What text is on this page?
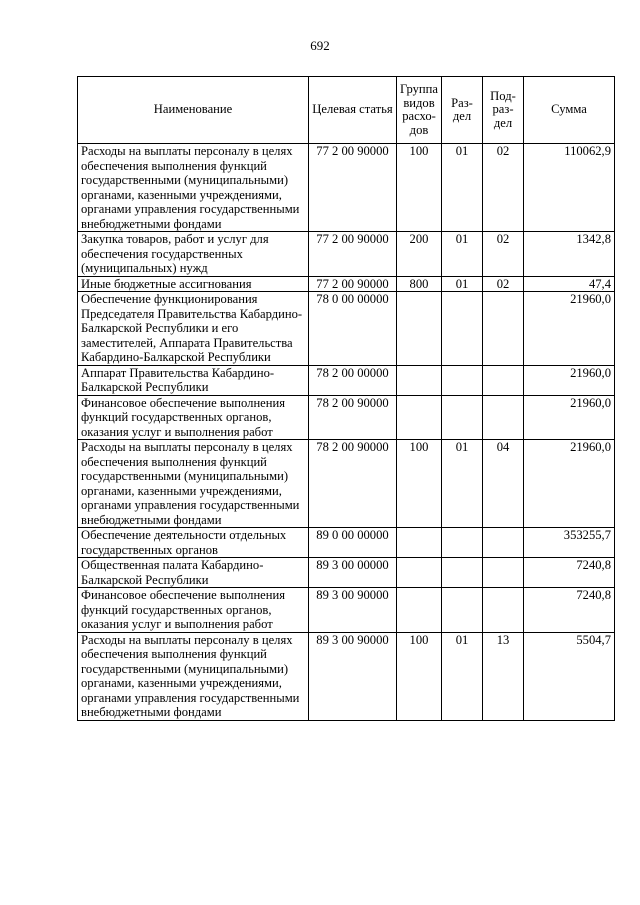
692
Наименование	Целевая статья	Группа видов расхо-дов	Раз-дел	Под-раз-дел	Сумма
Расходы на выплаты персоналу в целях обеспечения выполнения функций государственными (муниципальными) органами, казенными учреждениями, органами управления государственными внебюджетными фондами	77 2 00 90000	100	01	02	110062,9
Закупка товаров, работ и услуг для обеспечения государственных (муниципальных) нужд	77 2 00 90000	200	01	02	1342,8
Иные бюджетные ассигнования	77 2 00 90000	800	01	02	47,4
Обеспечение функционирования Председателя Правительства Кабардино-Балкарской Республики и его заместителей, Аппарата Правительства Кабардино-Балкарской Республики	78 0 00 00000				21960,0
Аппарат Правительства Кабардино-Балкарской Республики	78 2 00 00000				21960,0
Финансовое обеспечение выполнения функций государственных органов, оказания услуг и выполнения работ	78 2 00 90000				21960,0
Расходы на выплаты персоналу в целях обеспечения выполнения функций государственными (муниципальными) органами, казенными учреждениями, органами управления государственными внебюджетными фондами	78 2 00 90000	100	01	04	21960,0
Обеспечение деятельности отдельных государственных органов	89 0 00 00000				353255,7
Общественная палата Кабардино-Балкарской Республики	89 3 00 00000				7240,8
Финансовое обеспечение выполнения функций государственных органов, оказания услуг и выполнения работ	89 3 00 90000				7240,8
Расходы на выплаты персоналу в целях обеспечения выполнения функций государственными (муниципальными) органами, казенными учреждениями, органами управления государственными внебюджетными фондами	89 3 00 90000	100	01	13	5504,7
